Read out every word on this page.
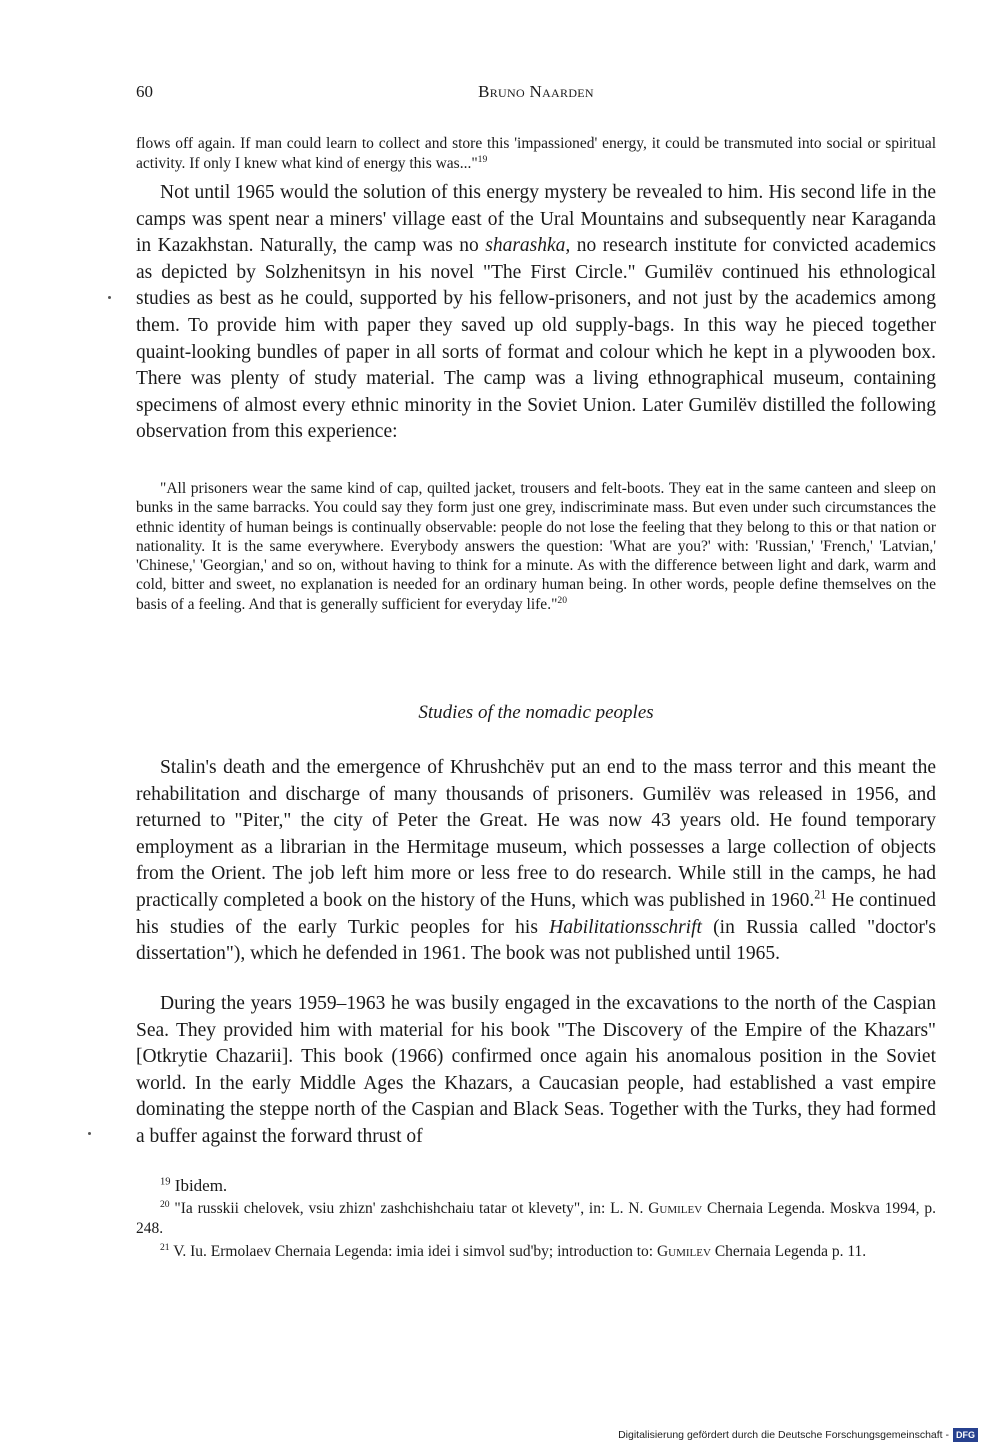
60	Bruno Naarden

flows off again. If man could learn to collect and store this 'impassioned' energy, it could be transmuted into social or spiritual activity. If only I knew what kind of energy this was..."$^{19}$

Not until 1965 would the solution of this energy mystery be revealed to him. His second life in the camps was spent near a miners' village east of the Ural Mountains and subsequently near Karaganda in Kazakhstan. Naturally, the camp was no sharashka, no research institute for convicted academics as depicted by Solzhenitsyn in his novel "The First Circle." Gumilëv continued his ethnological studies as best as he could, supported by his fellow-prisoners, and not just by the academics among them. To provide him with paper they saved up old supply-bags. In this way he pieced together quaint-looking bundles of paper in all sorts of format and colour which he kept in a plywooden box. There was plenty of study material. The camp was a living ethnographical museum, containing specimens of almost every ethnic minority in the Soviet Union. Later Gumilëv distilled the following observation from this experience:

"All prisoners wear the same kind of cap, quilted jacket, trousers and felt-boots. They eat in the same canteen and sleep on bunks in the same barracks. You could say they form just one grey, indiscriminate mass. But even under such circumstances the ethnic identity of human beings is continually observable: people do not lose the feeling that they belong to this or that nation or nationality. It is the same everywhere. Everybody answers the question: 'What are you?' with: 'Russian,' 'French,' 'Latvian,' 'Chinese,' 'Georgian,' and so on, without having to think for a minute. As with the difference between light and dark, warm and cold, bitter and sweet, no explanation is needed for an ordinary human being. In other words, people define themselves on the basis of a feeling. And that is generally sufficient for everyday life."$^{20}$

Studies of the nomadic peoples

Stalin's death and the emergence of Khrushchëv put an end to the mass terror and this meant the rehabilitation and discharge of many thousands of prisoners. Gumilëv was released in 1956, and returned to "Piter," the city of Peter the Great. He was now 43 years old. He found temporary employment as a librarian in the Hermitage museum, which possesses a large collection of objects from the Orient. The job left him more or less free to do research. While still in the camps, he had practically completed a book on the history of the Huns, which was published in 1960.21 He continued his studies of the early Turkic peoples for his Habilitationsschrift (in Russia called "doctor's dissertation"), which he defended in 1961. The book was not published until 1965.

During the years 1959–1963 he was busily engaged in the excavations to the north of the Caspian Sea. They provided him with material for his book "The Discovery of the Empire of the Khazars" [Otkrytie Chazarii]. This book (1966) confirmed once again his anomalous position in the Soviet world. In the early Middle Ages the Khazars, a Caucasian people, had established a vast empire dominating the steppe north of the Caspian and Black Seas. Together with the Turks, they had formed a buffer against the forward thrust of

$^{19}$ Ibidem.

$^{20}$ "Ia russkii chelovek, vsiu zhizn' zashchishchaiu tatar ot klevety", in: L. N. Gumilev Chernaia Legenda. Moskva 1994, p. 248.

$^{21}$ V. Iu. Ermolaev Chernaia Legenda: imia idei i simvol sud'by; introduction to: Gumilev Chernaia Legenda p. 11.

Digitalisierung gefördert durch die Deutsche Forschungsgemeinschaft - DFG
